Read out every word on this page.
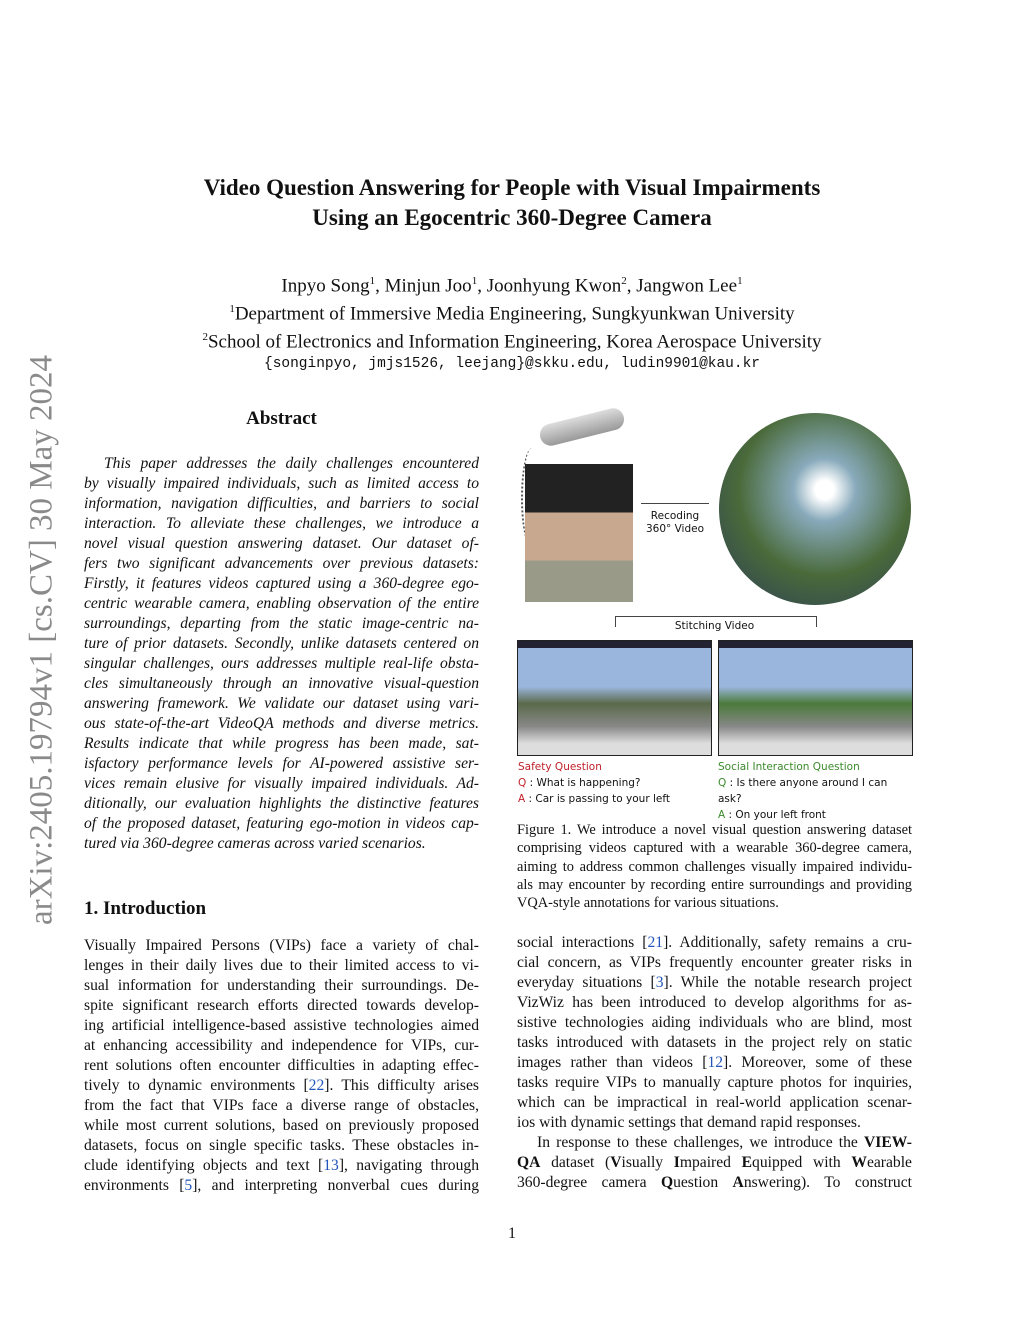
arXiv:2405.19794v1 [cs.CV] 30 May 2024
Video Question Answering for People with Visual Impairments
Using an Egocentric 360-Degree Camera
Inpyo Song$^1$, Minjun Joo$^1$, Joonhyung Kwon$^2$, Jangwon Lee$^1$
$^1$Department of Immersive Media Engineering, Sungkyunkwan University
$^2$School of Electronics and Information Engineering, Korea Aerospace University
{songinpyo, jmjs1526, leejang}@skku.edu, ludin9901@kau.kr
Abstract
This paper addresses the daily challenges encountered
by visually impaired individuals, such as limited access to
information, navigation difficulties, and barriers to social
interaction. To alleviate these challenges, we introduce a
novel visual question answering dataset. Our dataset of-
fers two significant advancements over previous datasets:
Firstly, it features videos captured using a 360-degree ego-
centric wearable camera, enabling observation of the entire
surroundings, departing from the static image-centric na-
ture of prior datasets. Secondly, unlike datasets centered on
singular challenges, ours addresses multiple real-life obsta-
cles simultaneously through an innovative visual-question
answering framework. We validate our dataset using vari-
ous state-of-the-art VideoQA methods and diverse metrics.
Results indicate that while progress has been made, sat-
isfactory performance levels for AI-powered assistive ser-
vices remain elusive for visually impaired individuals. Ad-
ditionally, our evaluation highlights the distinctive features
of the proposed dataset, featuring ego-motion in videos cap-
tured via 360-degree cameras across varied scenarios.
1. Introduction
Visually Impaired Persons (VIPs) face a variety of chal-
lenges in their daily lives due to their limited access to vi-
sual information for understanding their surroundings. De-
spite significant research efforts directed towards develop-
ing artificial intelligence-based assistive technologies aimed
at enhancing accessibility and independence for VIPs, cur-
rent solutions often encounter difficulties in adapting effec-
tively to dynamic environments [22]. This difficulty arises
from the fact that VIPs face a diverse range of obstacles,
while most current solutions, based on previously proposed
datasets, focus on single specific tasks. These obstacles in-
clude identifying objects and text [13], navigating through
environments [5], and interpreting nonverbal cues during
social interactions [21]. Additionally, safety remains a cru-
cial concern, as VIPs frequently encounter greater risks in
everyday situations [3]. While the notable research project
VizWiz has been introduced to develop algorithms for as-
sistive technologies aiding individuals who are blind, most
tasks introduced with datasets in the project rely on static
images rather than videos [12]. Moreover, some of these
tasks require VIPs to manually capture photos for inquiries,
which can be impractical in real-world application scenar-
ios with dynamic settings that demand rapid responses.
In response to these challenges, we introduce the VIEW-
QA dataset (Visually Impaired Equipped with Wearable
360-degree camera Question Answering). To construct
Recoding
360° Video
Stitching Video
Safety Question
Q : What is happening?
A : Car is passing to your left
Social Interaction Question
Q : Is there anyone around I can ask?
A : On your left front
Figure 1. We introduce a novel visual question answering dataset
comprising videos captured with a wearable 360-degree camera,
aiming to address common challenges visually impaired individu-
als may encounter by recording entire surroundings and providing
VQA-style annotations for various situations.
1
